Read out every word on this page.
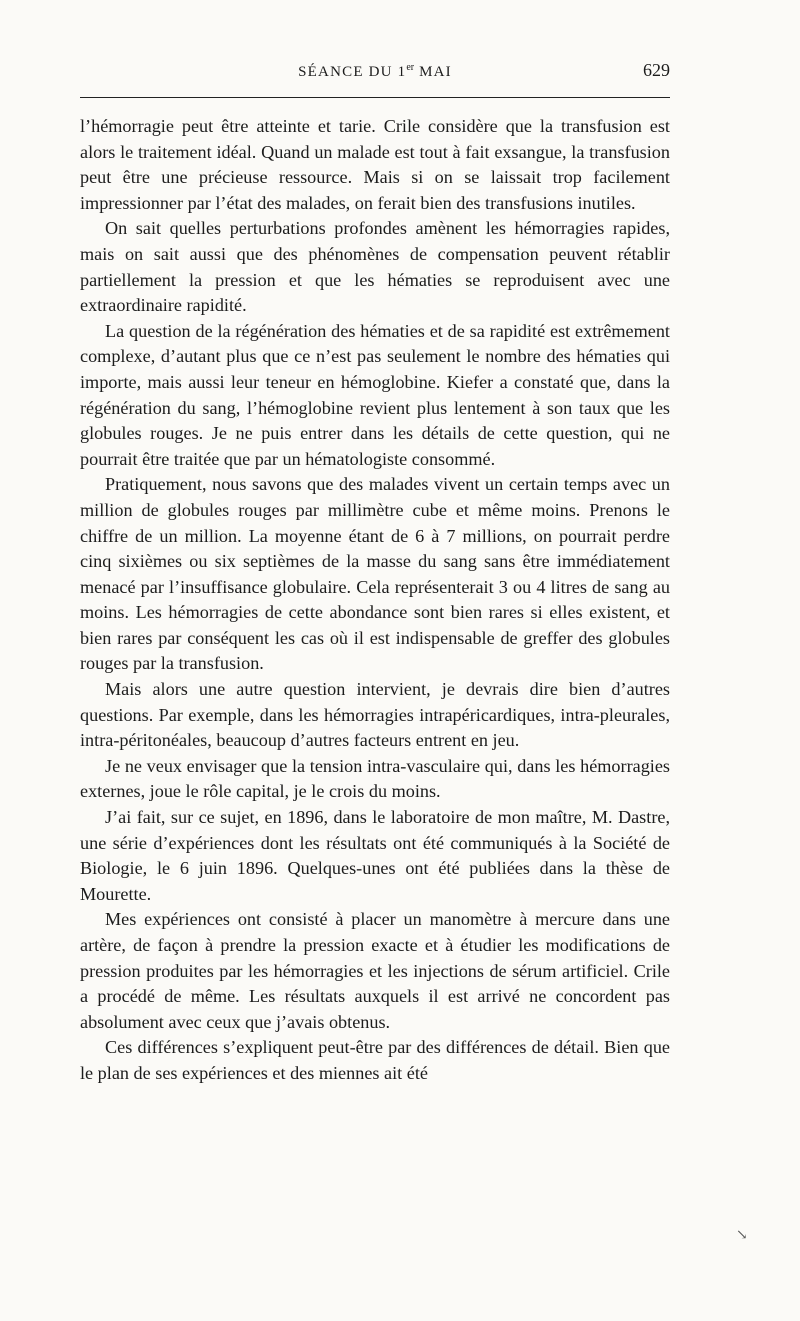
SÉANCE DU 1er MAI	629

l’hémorragie peut être atteinte et tarie. Crile considère que la transfusion est alors le traitement idéal. Quand un malade est tout à fait exsangue, la transfusion peut être une précieuse ressource. Mais si on se laissait trop facilement impressionner par l’état des malades, on ferait bien des transfusions inutiles.

On sait quelles perturbations profondes amènent les hémorragies rapides, mais on sait aussi que des phénomènes de compensation peuvent rétablir partiellement la pression et que les hématies se reproduisent avec une extraordinaire rapidité.

La question de la régénération des hématies et de sa rapidité est extrêmement complexe, d’autant plus que ce n’est pas seulement le nombre des hématies qui importe, mais aussi leur teneur en hémoglobine. Kiefer a constaté que, dans la régénération du sang, l’hémoglobine revient plus lentement à son taux que les globules rouges. Je ne puis entrer dans les détails de cette question, qui ne pourrait être traitée que par un hématologiste consommé.

Pratiquement, nous savons que des malades vivent un certain temps avec un million de globules rouges par millimètre cube et même moins. Prenons le chiffre de un million. La moyenne étant de 6 à 7 millions, on pourrait perdre cinq sixièmes ou six septièmes de la masse du sang sans être immédiatement menacé par l’insuffisance globulaire. Cela représenterait 3 ou 4 litres de sang au moins. Les hémorragies de cette abondance sont bien rares si elles existent, et bien rares par conséquent les cas où il est indispensable de greffer des globules rouges par la transfusion.

Mais alors une autre question intervient, je devrais dire bien d’autres questions. Par exemple, dans les hémorragies intrapéricardiques, intra-pleurales, intra-péritonéales, beaucoup d’autres facteurs entrent en jeu.

Je ne veux envisager que la tension intra-vasculaire qui, dans les hémorragies externes, joue le rôle capital, je le crois du moins.

J’ai fait, sur ce sujet, en 1896, dans le laboratoire de mon maître, M. Dastre, une série d’expériences dont les résultats ont été communiqués à la Société de Biologie, le 6 juin 1896. Quelques-unes ont été publiées dans la thèse de Mourette.

Mes expériences ont consisté à placer un manomètre à mercure dans une artère, de façon à prendre la pression exacte et à étudier les modifications de pression produites par les hémorragies et les injections de sérum artificiel. Crile a procédé de même. Les résultats auxquels il est arrivé ne concordent pas absolument avec ceux que j’avais obtenus.

Ces différences s’expliquent peut-être par des différences de détail. Bien que le plan de ses expériences et des miennes ait été

↘
